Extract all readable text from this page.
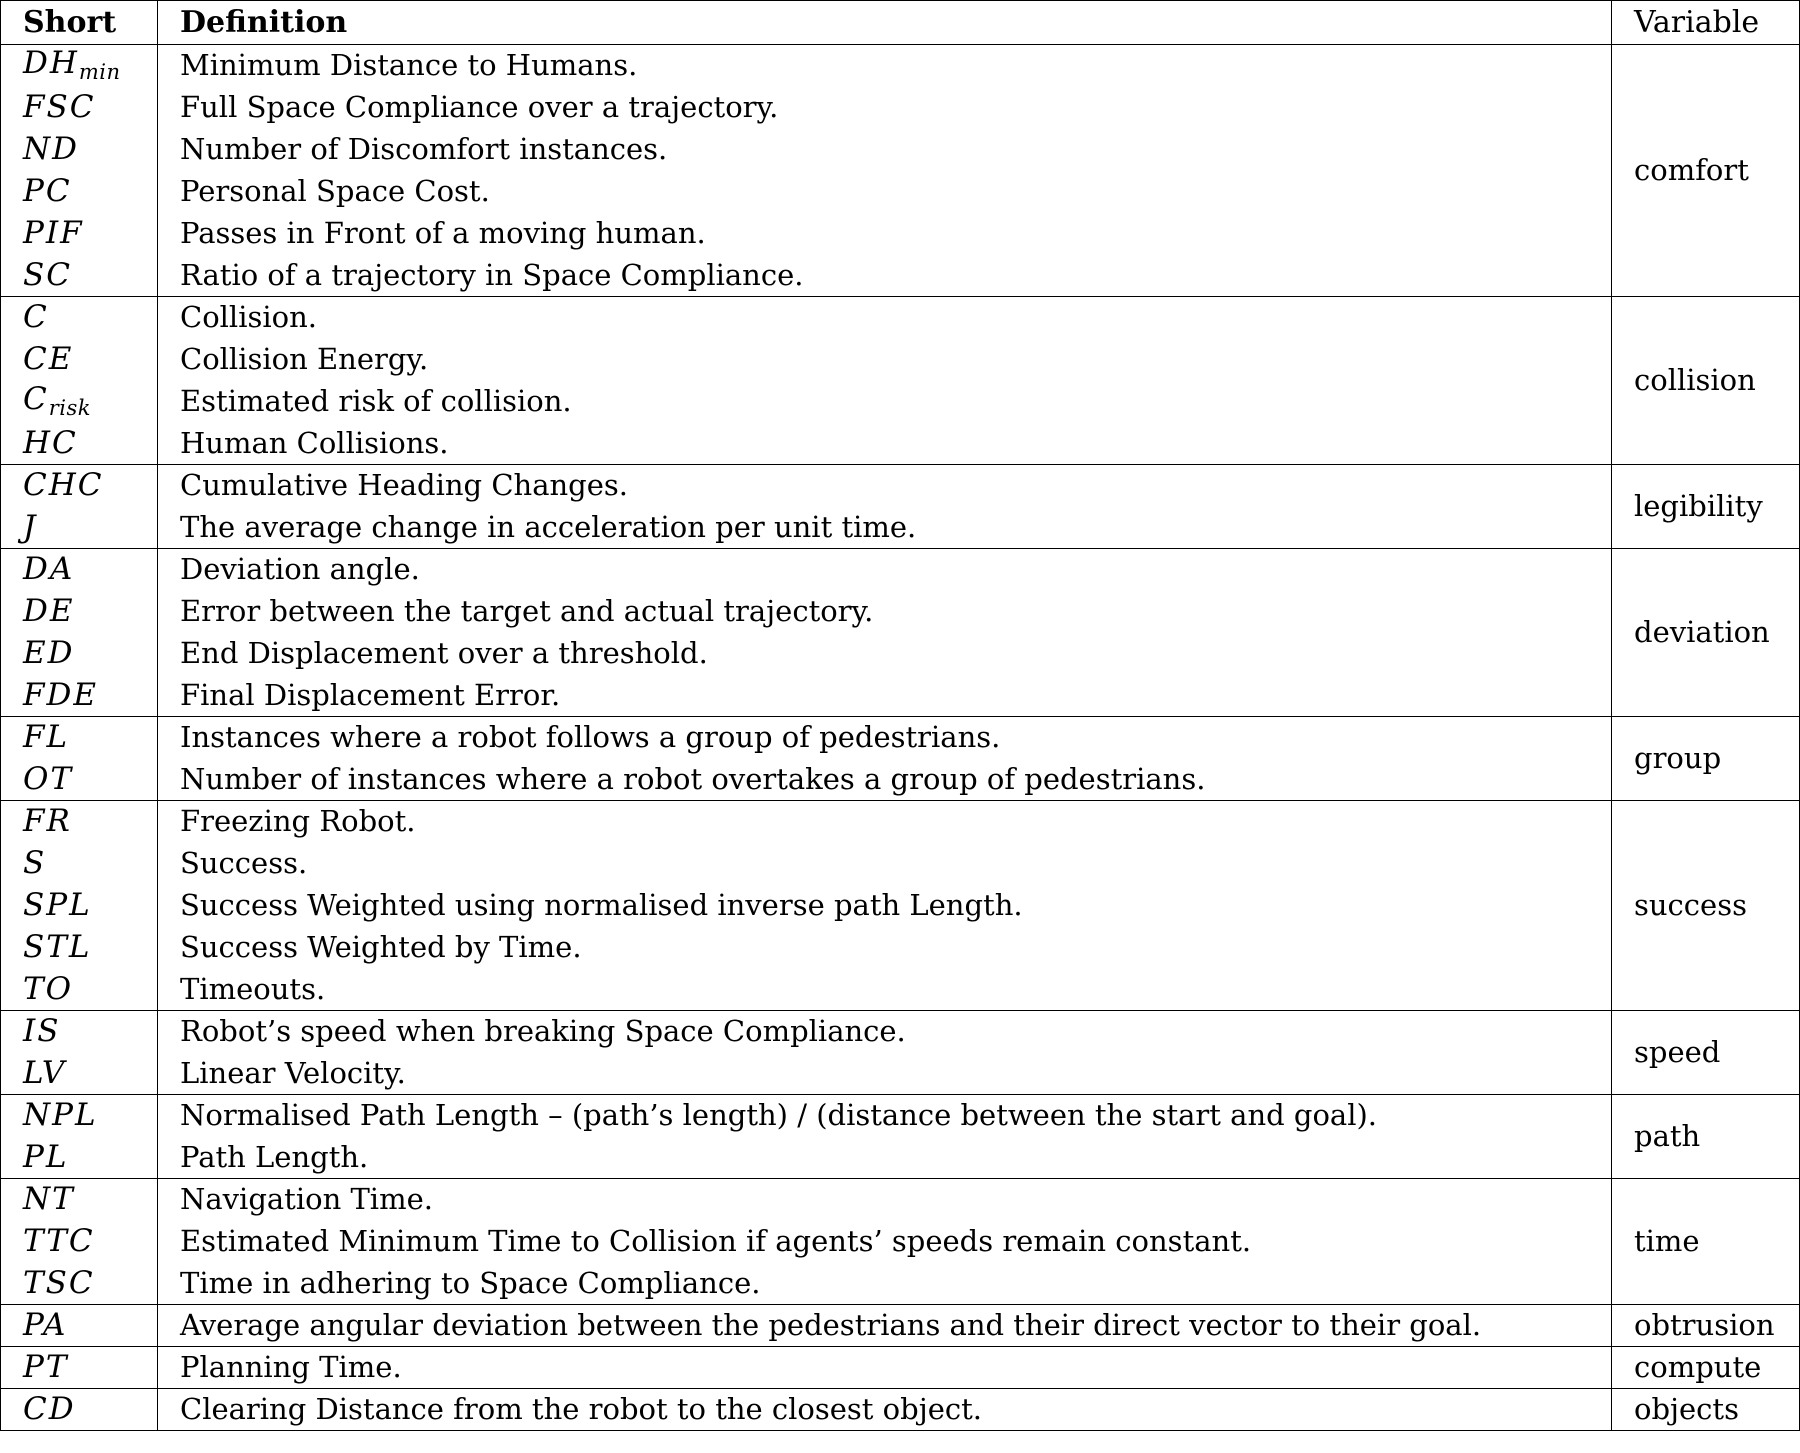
Short	Definition	Variable
$DH_{min}$	Minimum Distance to Humans.	comfort
FSC	Full Space Compliance over a trajectory.	
ND	Number of Discomfort instances.	
PC	Personal Space Cost.	
PIF	Passes in Front of a moving human.	
SC	Ratio of a trajectory in Space Compliance.	
C	Collision.	collision
CE	Collision Energy.	
$C_{risk}$	Estimated risk of collision.	
HC	Human Collisions.	
CHC	Cumulative Heading Changes.	legibility
J	The average change in acceleration per unit time.	
DA	Deviation angle.	deviation
DE	Error between the target and actual trajectory.	
ED	End Displacement over a threshold.	
FDE	Final Displacement Error.	
FL	Instances where a robot follows a group of pedestrians.	group
OT	Number of instances where a robot overtakes a group of pedestrians.	
FR	Freezing Robot.	success
S	Success.	
SPL	Success Weighted using normalised inverse path Length.	
STL	Success Weighted by Time.	
TO	Timeouts.	
IS	Robot’s speed when breaking Space Compliance.	speed
LV	Linear Velocity.	
NPL	Normalised Path Length – (path’s length) / (distance between the start and goal).	path
PL	Path Length.	
NT	Navigation Time.	time
TTC	Estimated Minimum Time to Collision if agents’ speeds remain constant.	
TSC	Time in adhering to Space Compliance.	
PA	Average angular deviation between the pedestrians and their direct vector to their goal.	obtrusion
PT	Planning Time.	compute
CD	Clearing Distance from the robot to the closest object.	objects
